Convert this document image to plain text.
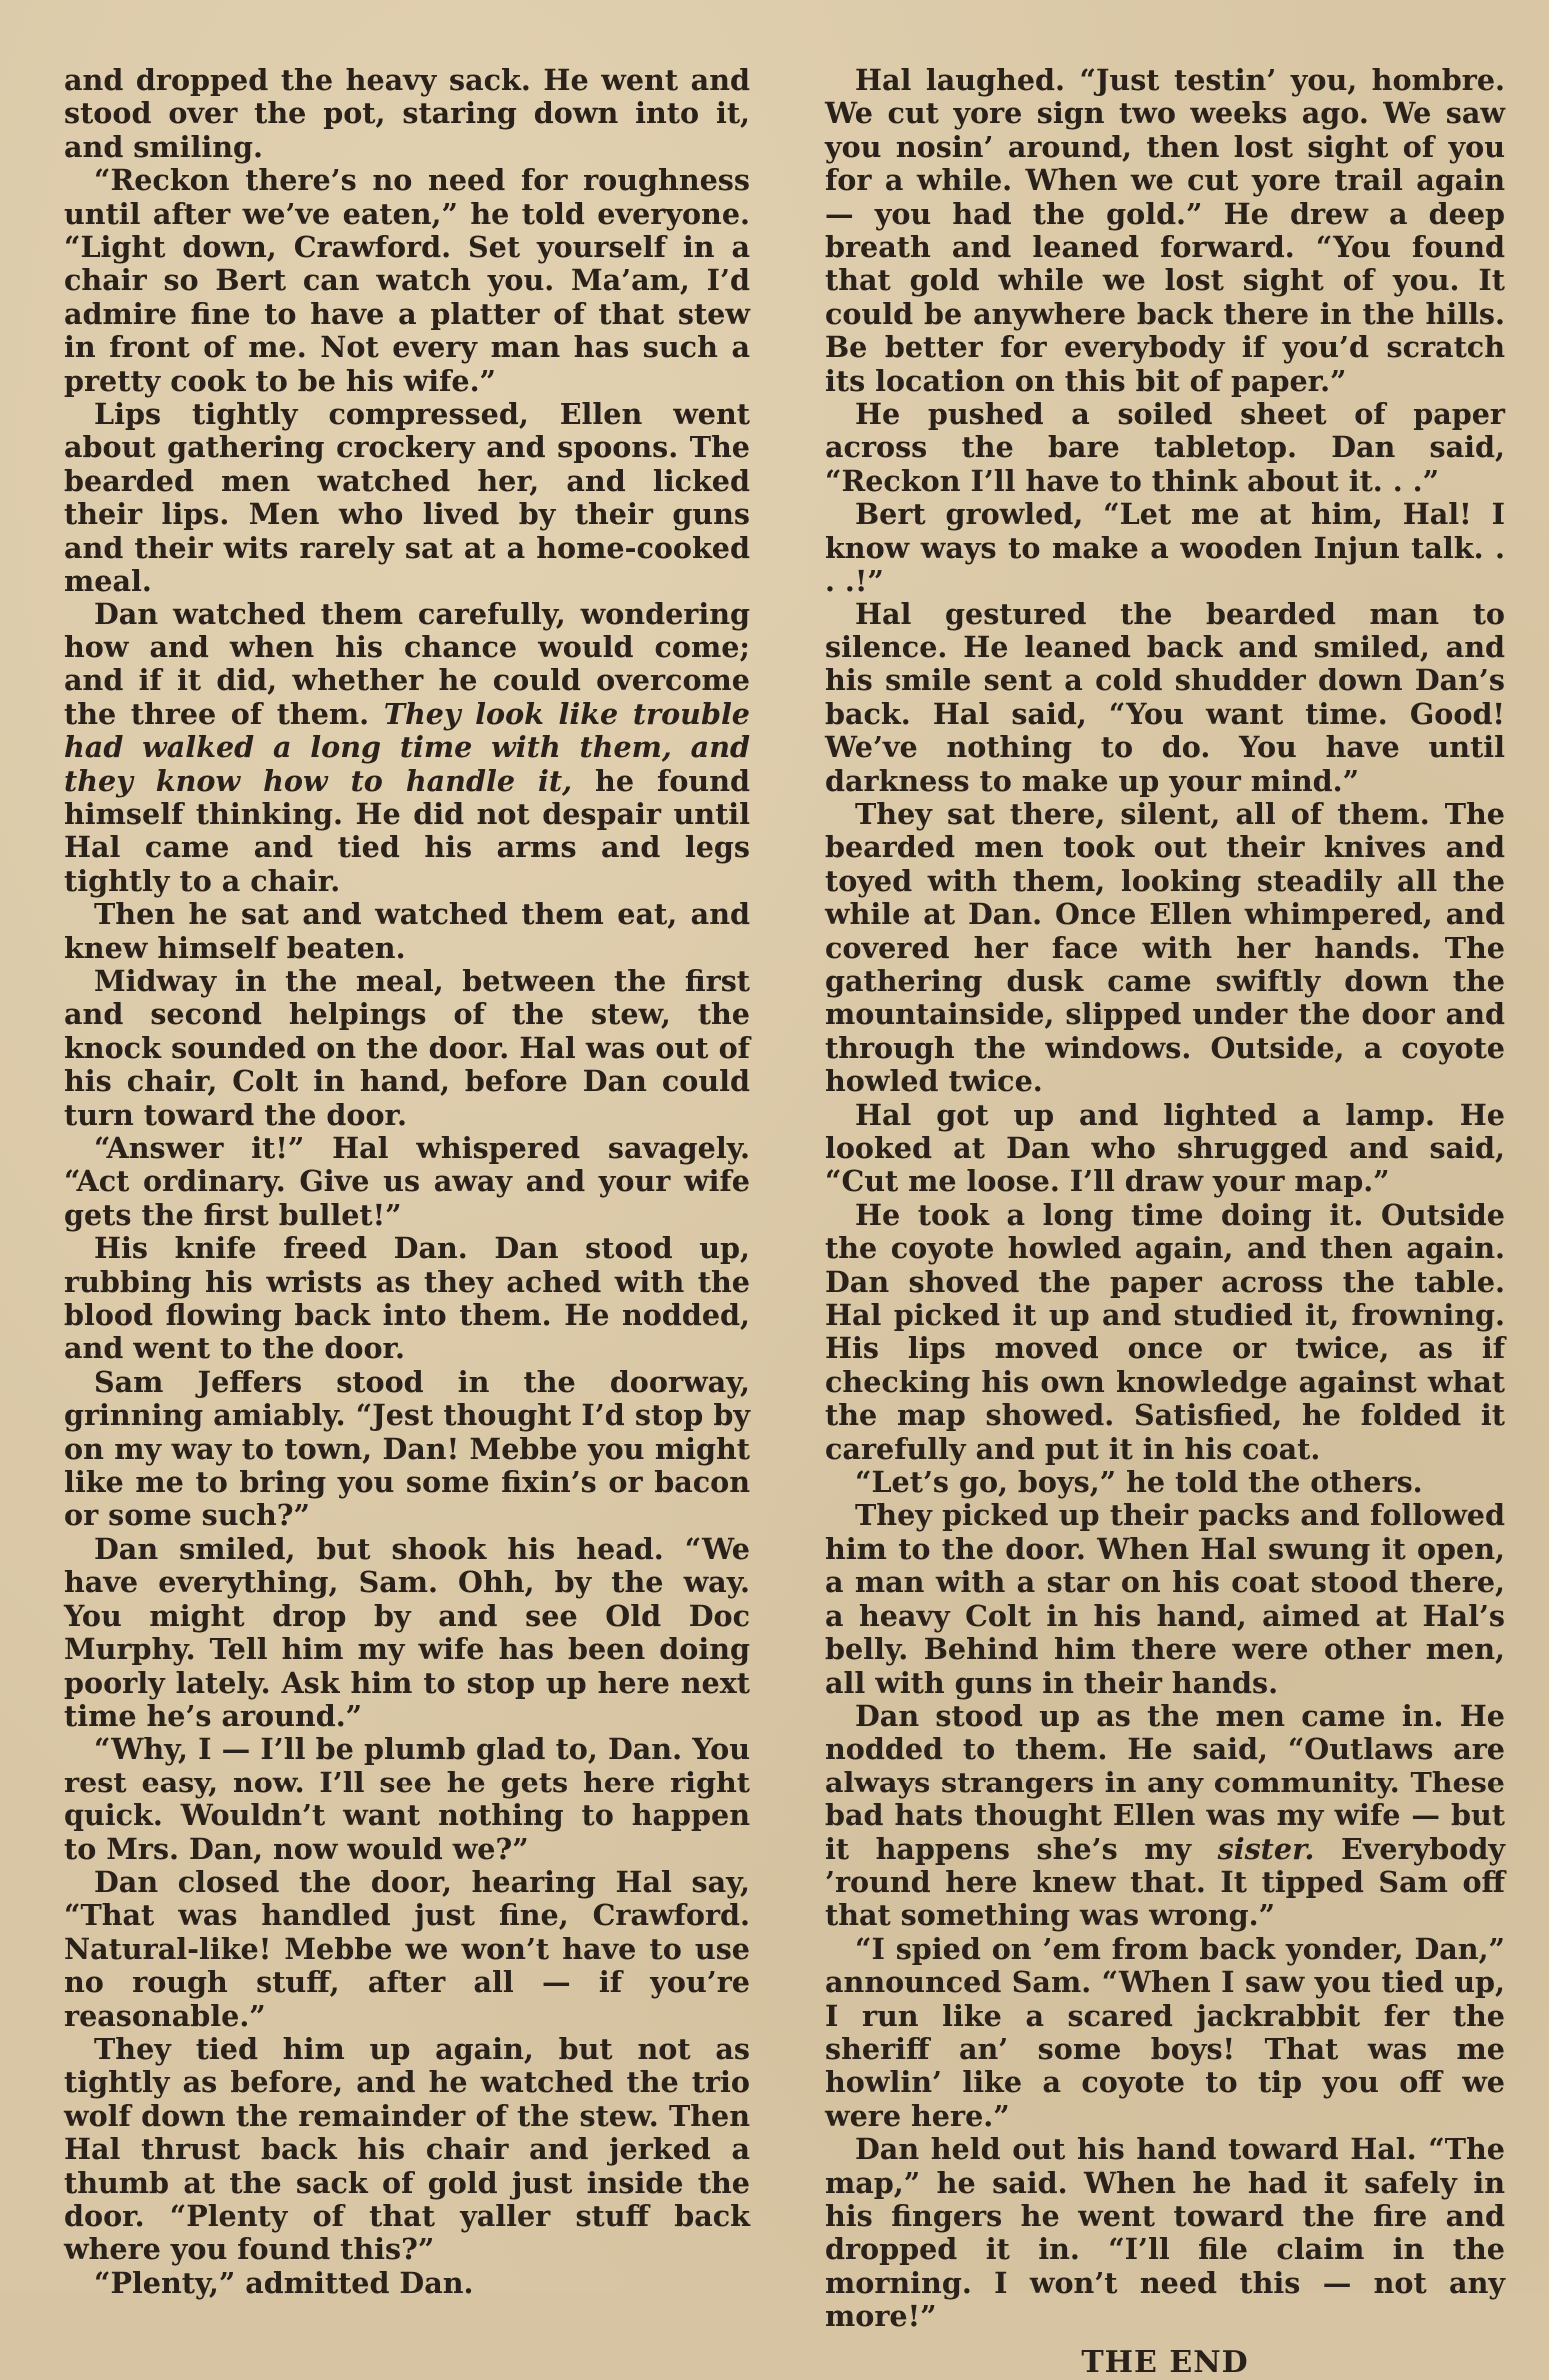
and dropped the heavy sack. He went and stood over the pot, staring down into it, and smiling.

“Reckon there’s no need for roughness until after we’ve eaten,” he told everyone. “Light down, Crawford. Set yourself in a chair so Bert can watch you. Ma’am, I’d admire fine to have a platter of that stew in front of me. Not every man has such a pretty cook to be his wife.”

Lips tightly compressed, Ellen went about gathering crockery and spoons. The bearded men watched her, and licked their lips. Men who lived by their guns and their wits rarely sat at a home-cooked meal.

Dan watched them carefully, wondering how and when his chance would come; and if it did, whether he could overcome the three of them. They look like trouble had walked a long time with them, and they know how to handle it, he found himself thinking. He did not despair until Hal came and tied his arms and legs tightly to a chair.

Then he sat and watched them eat, and knew himself beaten.

Midway in the meal, between the first and second helpings of the stew, the knock sounded on the door. Hal was out of his chair, Colt in hand, before Dan could turn toward the door.

“Answer it!” Hal whispered savagely. “Act ordinary. Give us away and your wife gets the first bullet!”

His knife freed Dan. Dan stood up, rubbing his wrists as they ached with the blood flowing back into them. He nodded, and went to the door.

Sam Jeffers stood in the doorway, grinning amiably. “Jest thought I’d stop by on my way to town, Dan! Mebbe you might like me to bring you some fixin’s or bacon or some such?”

Dan smiled, but shook his head. “We have everything, Sam. Ohh, by the way. You might drop by and see Old Doc Murphy. Tell him my wife has been doing poorly lately. Ask him to stop up here next time he’s around.”

“Why, I — I’ll be plumb glad to, Dan. You rest easy, now. I’ll see he gets here right quick. Wouldn’t want nothing to happen to Mrs. Dan, now would we?”

Dan closed the door, hearing Hal say, “That was handled just fine, Crawford. Natural-like! Mebbe we won’t have to use no rough stuff, after all — if you’re reasonable.”

They tied him up again, but not as tightly as before, and he watched the trio wolf down the remainder of the stew. Then Hal thrust back his chair and jerked a thumb at the sack of gold just inside the door. “Plenty of that yaller stuff back where you found this?”

“Plenty,” admitted Dan.

Hal laughed. “Just testin’ you, hombre. We cut yore sign two weeks ago. We saw you nosin’ around, then lost sight of you for a while. When we cut yore trail again — you had the gold.” He drew a deep breath and leaned forward. “You found that gold while we lost sight of you. It could be anywhere back there in the hills. Be better for everybody if you’d scratch its location on this bit of paper.”

He pushed a soiled sheet of paper across the bare tabletop. Dan said, “Reckon I’ll have to think about it. . .”

Bert growled, “Let me at him, Hal! I know ways to make a wooden Injun talk. . . .!”

Hal gestured the bearded man to silence. He leaned back and smiled, and his smile sent a cold shudder down Dan’s back. Hal said, “You want time. Good! We’ve nothing to do. You have until darkness to make up your mind.”

They sat there, silent, all of them. The bearded men took out their knives and toyed with them, looking steadily all the while at Dan. Once Ellen whimpered, and covered her face with her hands. The gathering dusk came swiftly down the mountainside, slipped under the door and through the windows. Outside, a coyote howled twice.

Hal got up and lighted a lamp. He looked at Dan who shrugged and said, “Cut me loose. I’ll draw your map.”

He took a long time doing it. Outside the coyote howled again, and then again. Dan shoved the paper across the table. Hal picked it up and studied it, frowning. His lips moved once or twice, as if checking his own knowledge against what the map showed. Satisfied, he folded it carefully and put it in his coat.

“Let’s go, boys,” he told the others.

They picked up their packs and followed him to the door. When Hal swung it open, a man with a star on his coat stood there, a heavy Colt in his hand, aimed at Hal’s belly. Behind him there were other men, all with guns in their hands.

Dan stood up as the men came in. He nodded to them. He said, “Outlaws are always strangers in any community. These bad hats thought Ellen was my wife — but it happens she’s my sister. Everybody ’round here knew that. It tipped Sam off that something was wrong.”

“I spied on ’em from back yonder, Dan,” announced Sam. “When I saw you tied up, I run like a scared jackrabbit fer the sheriff an’ some boys! That was me howlin’ like a coyote to tip you off we were here.”

Dan held out his hand toward Hal. “The map,” he said. When he had it safely in his fingers he went toward the fire and dropped it in. “I’ll file claim in the morning. I won’t need this — not any more!”

THE END
